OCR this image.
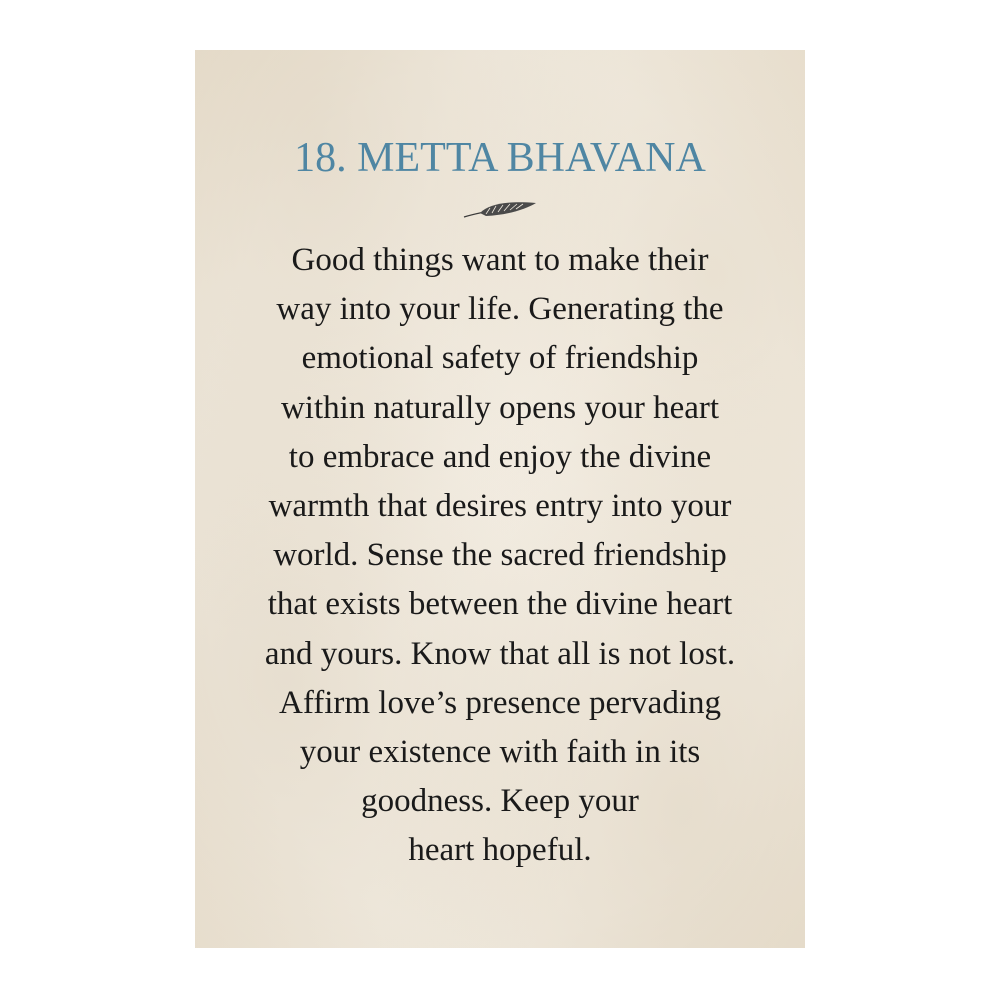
18. METTA BHAVANA

Good things want to make their
way into your life. Generating the
emotional safety of friendship
within naturally opens your heart
to embrace and enjoy the divine
warmth that desires entry into your
world. Sense the sacred friendship
that exists between the divine heart
and yours. Know that all is not lost.
Affirm love’s presence pervading
your existence with faith in its
goodness. Keep your
heart hopeful.
